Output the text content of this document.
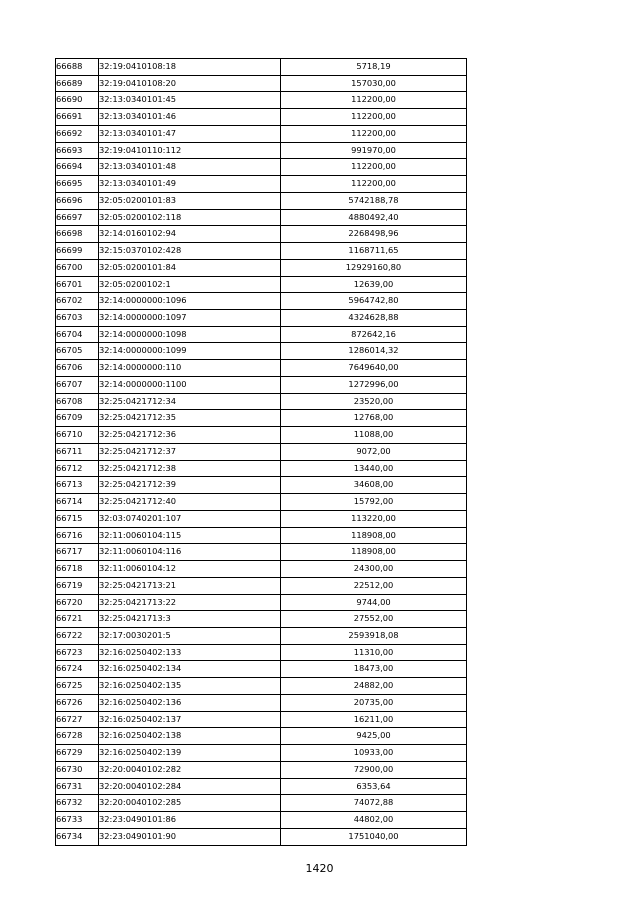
66688	32:19:0410108:18	5718,19
66689	32:19:0410108:20	157030,00
66690	32:13:0340101:45	112200,00
66691	32:13:0340101:46	112200,00
66692	32:13:0340101:47	112200,00
66693	32:19:0410110:112	991970,00
66694	32:13:0340101:48	112200,00
66695	32:13:0340101:49	112200,00
66696	32:05:0200101:83	5742188,78
66697	32:05:0200102:118	4880492,40
66698	32:14:0160102:94	2268498,96
66699	32:15:0370102:428	1168711,65
66700	32:05:0200101:84	12929160,80
66701	32:05:0200102:1	12639,00
66702	32:14:0000000:1096	5964742,80
66703	32:14:0000000:1097	4324628,88
66704	32:14:0000000:1098	872642,16
66705	32:14:0000000:1099	1286014,32
66706	32:14:0000000:110	7649640,00
66707	32:14:0000000:1100	1272996,00
66708	32:25:0421712:34	23520,00
66709	32:25:0421712:35	12768,00
66710	32:25:0421712:36	11088,00
66711	32:25:0421712:37	9072,00
66712	32:25:0421712:38	13440,00
66713	32:25:0421712:39	34608,00
66714	32:25:0421712:40	15792,00
66715	32:03:0740201:107	113220,00
66716	32:11:0060104:115	118908,00
66717	32:11:0060104:116	118908,00
66718	32:11:0060104:12	24300,00
66719	32:25:0421713:21	22512,00
66720	32:25:0421713:22	9744,00
66721	32:25:0421713:3	27552,00
66722	32:17:0030201:5	2593918,08
66723	32:16:0250402:133	11310,00
66724	32:16:0250402:134	18473,00
66725	32:16:0250402:135	24882,00
66726	32:16:0250402:136	20735,00
66727	32:16:0250402:137	16211,00
66728	32:16:0250402:138	9425,00
66729	32:16:0250402:139	10933,00
66730	32:20:0040102:282	72900,00
66731	32:20:0040102:284	6353,64
66732	32:20:0040102:285	74072,88
66733	32:23:0490101:86	44802,00
66734	32:23:0490101:90	1751040,00
1420
